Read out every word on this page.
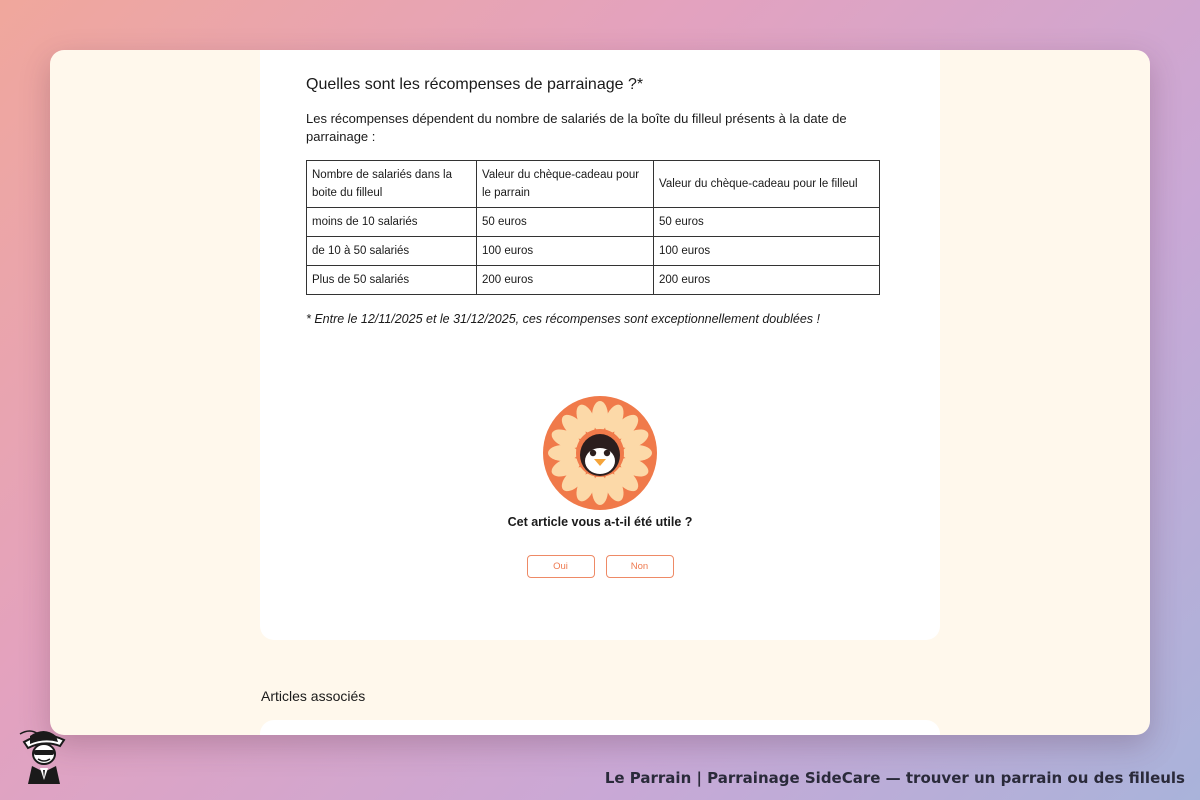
Quelles sont les récompenses de parrainage ?*

Les récompenses dépendent du nombre de salariés de la boîte du filleul présents à la date de parrainage :

Nombre de salariés dans la boite du filleul	Valeur du chèque-cadeau pour le parrain	Valeur du chèque-cadeau pour le filleul
moins de 10 salariés	50 euros	50 euros
de 10 à 50 salariés	100 euros	100 euros
Plus de 50 salariés	200 euros	200 euros

* Entre le 12/11/2025 et le 31/12/2025, ces récompenses sont exceptionnellement doublées !

Cet article vous a-t-il été utile ?

Oui	Non
Articles associés
Le Parrain | Parrainage SideCare — trouver un parrain ou des filleuls
